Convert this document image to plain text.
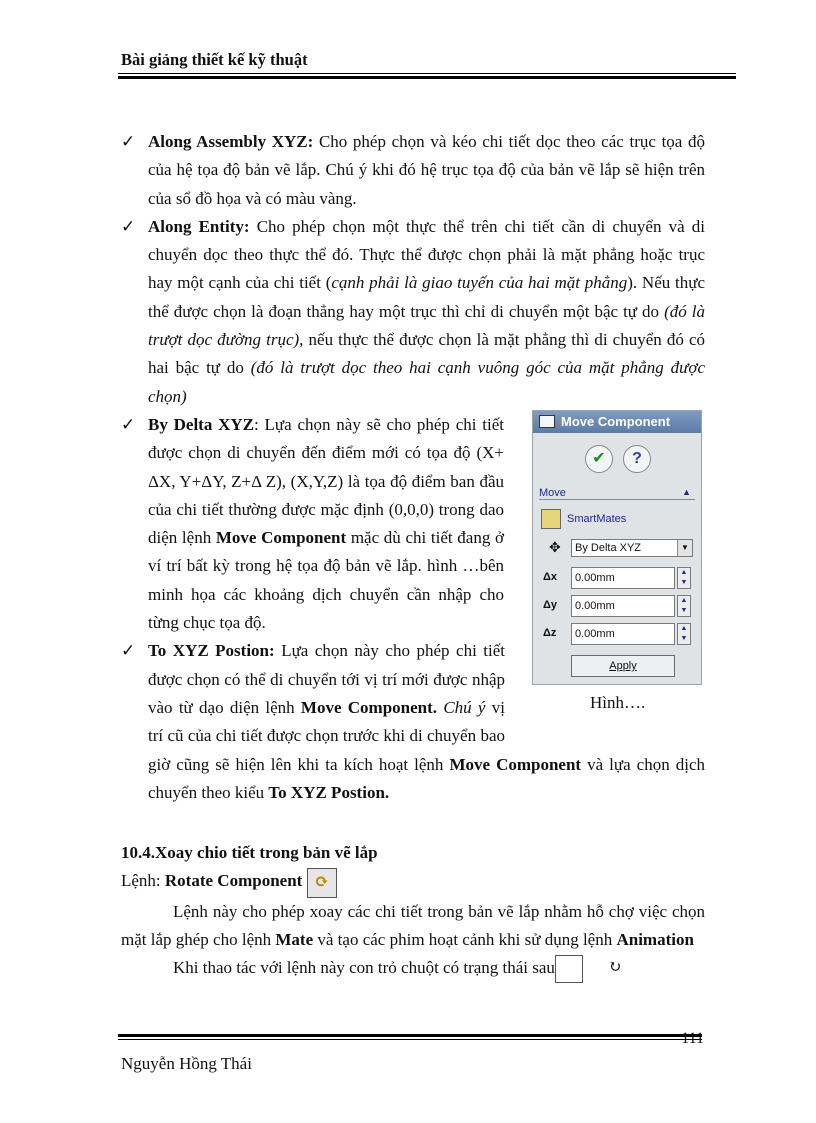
Bài giảng thiết kế kỹ thuật
✓ Along Assembly XYZ: Cho phép chọn và kéo chi tiết dọc theo các trục tọa độ của hệ tọa độ bản vẽ lắp. Chú ý khi đó hệ trục tọa độ của bản vẽ lắp sẽ hiện trên của sổ đồ họa và có màu vàng.
✓ Along Entity: Cho phép chọn một thực thể trên chi tiết cần di chuyển và di chuyển dọc theo thực thể đó. Thực thể được chọn phải là mặt phẳng hoặc trục hay một cạnh của chi tiết (cạnh phải là giao tuyến của hai mặt phẳng). Nếu thực thể được chọn là đoạn thẳng hay một trục thì chỉ di chuyển một bậc tự do (đó là trượt dọc đường trục), nếu thực thể được chọn là mặt phẳng thì di chuyển đó có hai bậc tự do (đó là trượt dọc theo hai cạnh vuông góc của mặt phẳng được chọn)
✓ By Delta XYZ: Lựa chọn này sẽ cho phép chi tiết được chọn di chuyển đến điểm mới có tọa độ (X+ ΔX, Y+ΔY, Z+Δ Z), (X,Y,Z) là tọa độ điểm ban đầu của chi tiết thường được mặc định (0,0,0) trong dao diện lệnh Move Component mặc dù chi tiết đang ở ví trí bất kỳ trong hệ tọa độ bản vẽ lắp. hình …bên minh họa các khoảng dịch chuyển cần nhập cho từng chục tọa độ.
✓ To XYZ Postion: Lựa chọn này cho phép chi tiết được chọn có thể di chuyển tới vị trí mới được nhập vào từ dạo diện lệnh Move Component. Chú ý vị trí cũ của chi tiết được chọn trước khi di chuyển bao giờ cũng sẽ hiện lên khi ta kích hoạt lệnh Move Component và lựa chọn dịch chuyển theo kiểu To XYZ Postion.
10.4.Xoay chio tiết trong bản vẽ lắp
Lệnh: Rotate Component ⟳
Lệnh này cho phép xoay các chi tiết trong bản vẽ lắp nhằm hỗ chợ việc chọn mặt lắp ghép cho lệnh Mate và tạo các phim hoạt cảnh khi sử dụng lệnh Animation
Khi thao tác với lệnh này con trỏ chuột có trạng thái sau	↻
Move Component
✔	?
Move	▲
SmartMates
✥	By Delta XYZ	▼
Δx	0.00mm	▲
▼
Δy	0.00mm	▲
▼
Δz	0.00mm	▲
▼
Apply
Hình….
111
Nguyễn Hồng Thái
